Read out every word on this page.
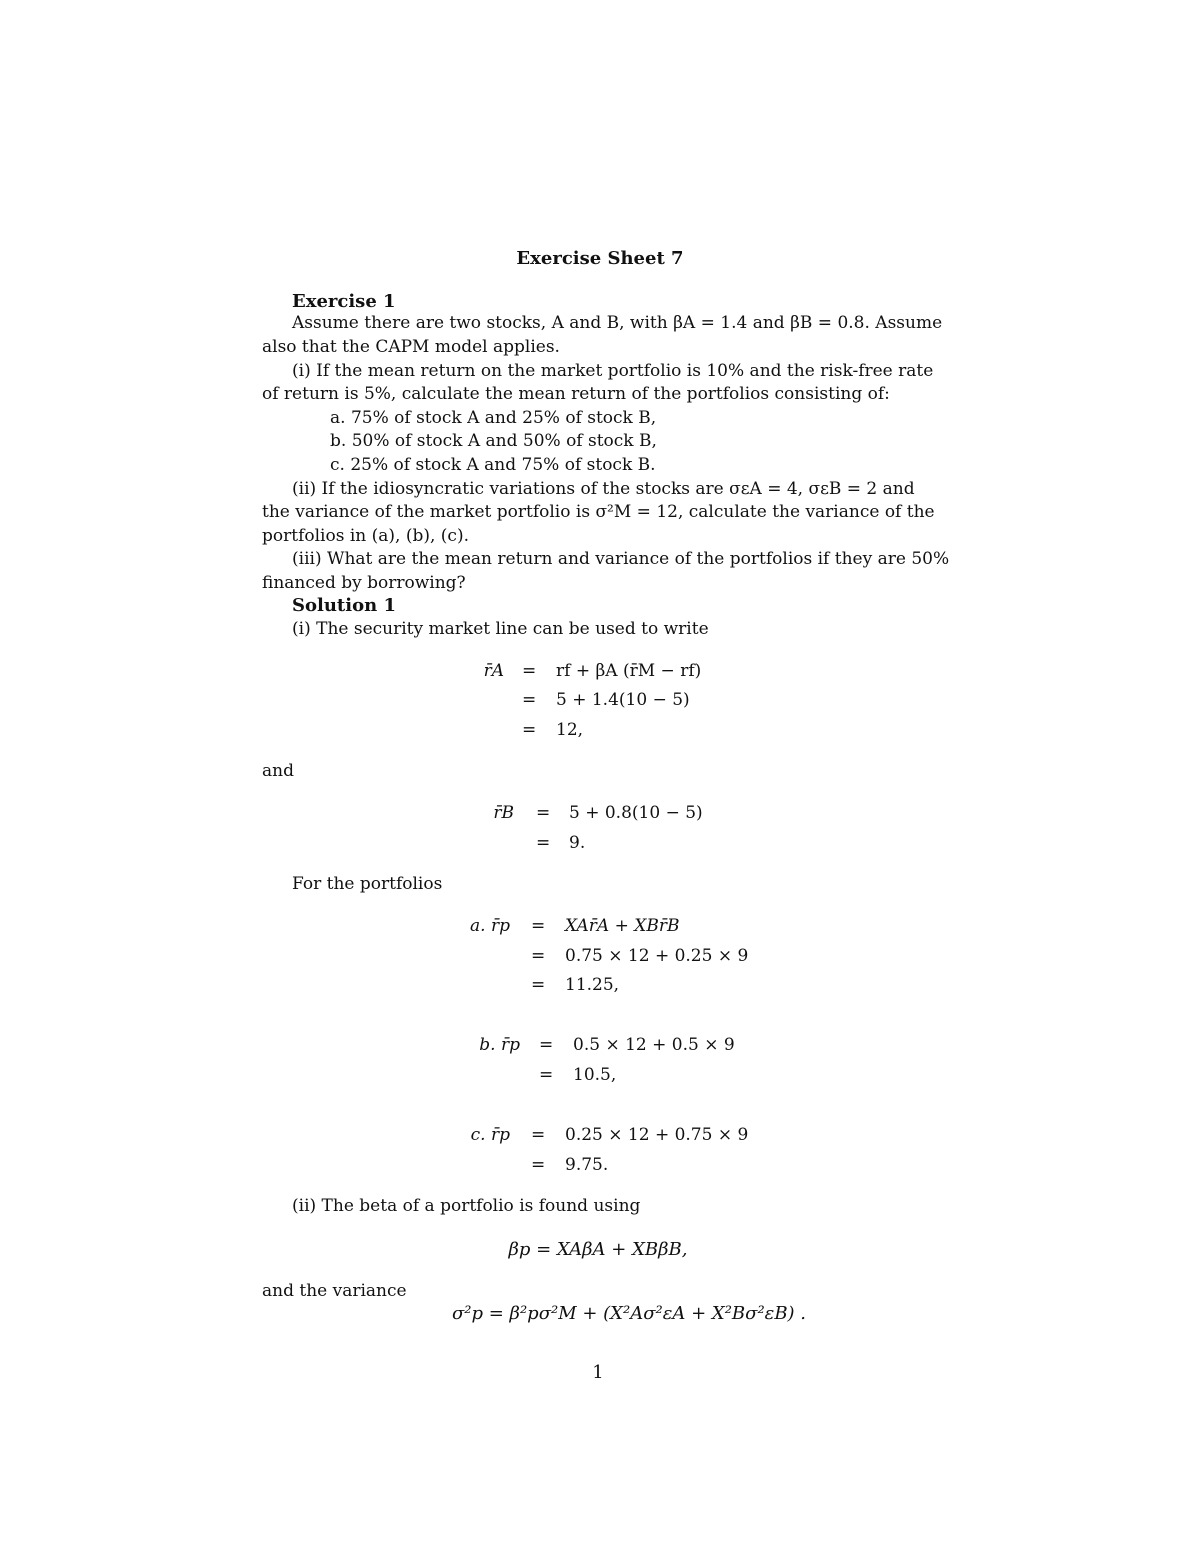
Exercise Sheet 7
Exercise 1
Assume there are two stocks, A and B, with βA = 1.4 and βB = 0.8. Assume
also that the CAPM model applies.
(i) If the mean return on the market portfolio is 10% and the risk-free rate
of return is 5%, calculate the mean return of the portfolios consisting of:
a. 75% of stock A and 25% of stock B,
b. 50% of stock A and 50% of stock B,
c. 25% of stock A and 75% of stock B.
(ii) If the idiosyncratic variations of the stocks are σεA = 4, σεB = 2 and
the variance of the market portfolio is σ²M = 12, calculate the variance of the
portfolios in (a), (b), (c).
(iii) What are the mean return and variance of the portfolios if they are 50%
financed by borrowing?
Solution 1
(i) The security market line can be used to write
r̄A = rf + βA (r̄M − rf)
= 5 + 1.4(10 − 5)
= 12,
and
r̄B = 5 + 0.8(10 − 5)
= 9.
For the portfolios
a. r̄p = XAr̄A + XBr̄B
= 0.75 × 12 + 0.25 × 9
= 11.25,
b. r̄p = 0.5 × 12 + 0.5 × 9
= 10.5,
c. r̄p = 0.25 × 12 + 0.75 × 9
= 9.75.
(ii) The beta of a portfolio is found using
βp = XAβA + XBβB,
and the variance
σ²p = β²pσ²M + (X²Aσ²εA + X²Bσ²εB) .
1
